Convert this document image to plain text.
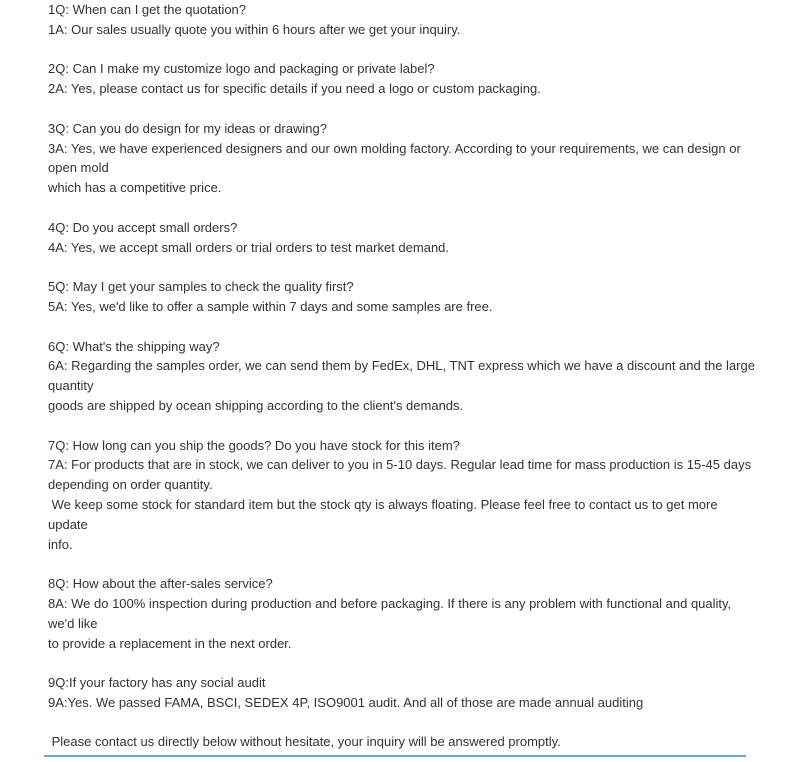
1Q: When can I get the quotation?
1A: Our sales usually quote you within 6 hours after we get your inquiry.
2Q: Can I make my customize logo and packaging or private label?
2A: Yes, please contact us for specific details if you need a logo or custom packaging.
3Q: Can you do design for my ideas or drawing?
3A: Yes, we have experienced designers and our own molding factory. According to your requirements, we can design or
open mold
which has a competitive price.
4Q: Do you accept small orders?
4A: Yes, we accept small orders or trial orders to test market demand.
5Q: May I get your samples to check the quality first?
5A: Yes, we'd like to offer a sample within 7 days and some samples are free.
6Q: What's the shipping way?
6A: Regarding the samples order, we can send them by FedEx, DHL, TNT express which we have a discount and the large
quantity
goods are shipped by ocean shipping according to the client's demands.
7Q: How long can you ship the goods? Do you have stock for this item?
7A: For products that are in stock, we can deliver to you in 5-10 days. Regular lead time for mass production is 15-45 days
depending on order quantity.
We keep some stock for standard item but the stock qty is always floating. Please feel free to contact us to get more
update
info.
8Q: How about the after-sales service?
8A: We do 100% inspection during production and before packaging. If there is any problem with functional and quality,
we'd like
to provide a replacement in the next order.
9Q:If your factory has any social audit
9A:Yes. We passed FAMA, BSCI, SEDEX 4P, ISO9001 audit. And all of those are made annual auditing
Please contact us directly below without hesitate, your inquiry will be answered promptly.
